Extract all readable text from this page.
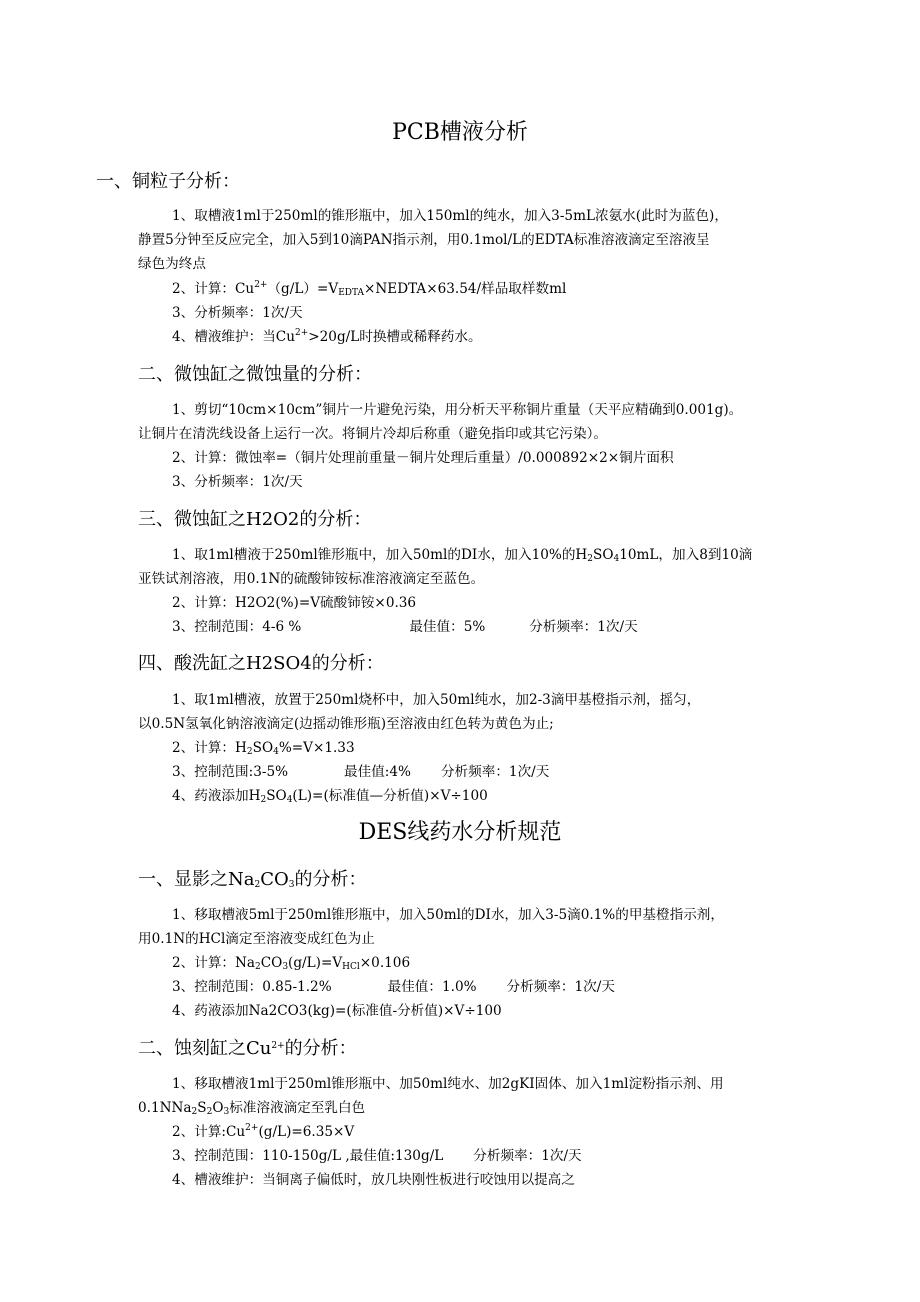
PCB槽液分析
一、铜粒子分析：
1、取槽液1ml于250ml的锥形瓶中，加入150ml的纯水，加入3-5mL浓氨水(此时为蓝色)，
静置5分钟至反应完全，加入5到10滴PAN指示剂，用0.1mol/L的EDTA标准溶液滴定至溶液呈
绿色为终点
2、计算：$Cu^{2+}(g/L)=V_{EDTA}\times NEDTA\times 63.54/$样品取样数ml
3、分析频率：1次/天
4、槽液维护：当$Cu^{2+}>20g/L$时换槽或稀释药水。
二、微蚀缸之微蚀量的分析：
1、剪切“10cm×10cm”铜片一片避免污染，用分析天平称铜片重量（天平应精确到0.001g)。
让铜片在清洗线设备上运行一次。将铜片冷却后称重（避免指印或其它污染）。
2、计算：微蚀率=（铜片处理前重量－铜片处理后重量）/0.000892×2×铜片面积
3、分析频率：1次/天
三、微蚀缸之H2O2的分析：
1、取1ml槽液于250ml锥形瓶中，加入50ml的DI水，加入10%的$H_2SO_410mL$，加入8到10滴
亚铁试剂溶液，用0.1N的硫酸铈铵标准溶液滴定至蓝色。
2、计算：H2O2(%)=V硫酸铈铵×0.36
3、控制范围：4-6 %	最佳值：5%	分析频率：1次/天
四、酸洗缸之H2SO4的分析：
1、取1ml槽液，放置于250ml烧杯中，加入50ml纯水，加2-3滴甲基橙指示剂，摇匀，
以0.5N氢氧化钠溶液滴定(边摇动锥形瓶)至溶液由红色转为黄色为止;
2、计算：$H_2SO_4\%=V\times 1.33$
3、控制范围:3-5%	最佳值:4% 分析频率：1次/天
4、药液添加$H_2SO_4(L)=$(标准值—分析值)×V÷100
DES线药水分析规范
一、显影之$Na_2CO_3$的分析：
1、移取槽液5ml于250ml锥形瓶中，加入50ml的DI水，加入3-5滴0.1%的甲基橙指示剂，
用0.1N的HCl滴定至溶液变成红色为止
2、计算：$Na_2CO_3(g/L)=V_{HCl}\times 0.106$
3、控制范围：0.85-1.2%	最佳值：1.0% 分析频率：1次/天
4、药液添加Na2CO3(kg)=(标准值-分析值)×V÷100
二、蚀刻缸之$Cu^{2+}$的分析：
1、移取槽液1ml于250ml锥形瓶中、加50ml纯水、加2gKI固体、加入1ml淀粉指示剂、用
$0.1NNa_2S_2O_3$标准溶液滴定至乳白色
2、计算$:Cu^{2+}(g/L)=6.35\times V$
3、控制范围：110-150g/L ,最佳值:130g/L 分析频率：1次/天
4、槽液维护：当铜离子偏低时，放几块刚性板进行咬蚀用以提高之
